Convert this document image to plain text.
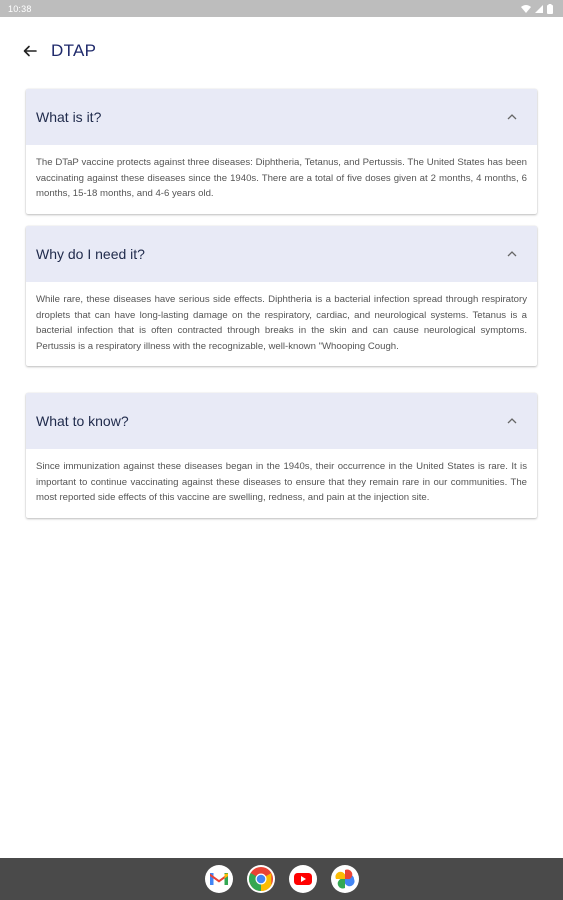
10:38
DTAP
What is it?
The DTaP vaccine protects against three diseases: Diphtheria, Tetanus, and Pertussis. The United States has been vaccinating against these diseases since the 1940s. There are a total of five doses given at 2 months, 4 months, 6 months, 15-18 months, and 4-6 years old.
Why do I need it?
While rare, these diseases have serious side effects. Diphtheria is a bacterial infection spread through respiratory droplets that can have long-lasting damage on the respiratory, cardiac, and neurological systems. Tetanus is a bacterial infection that is often contracted through breaks in the skin and can cause neurological symptoms. Pertussis is a respiratory illness with the recognizable, well-known "Whooping Cough.
What to know?
Since immunization against these diseases began in the 1940s, their occurrence in the United States is rare. It is important to continue vaccinating against these diseases to ensure that they remain rare in our communities. The most reported side effects of this vaccine are swelling, redness, and pain at the injection site.
